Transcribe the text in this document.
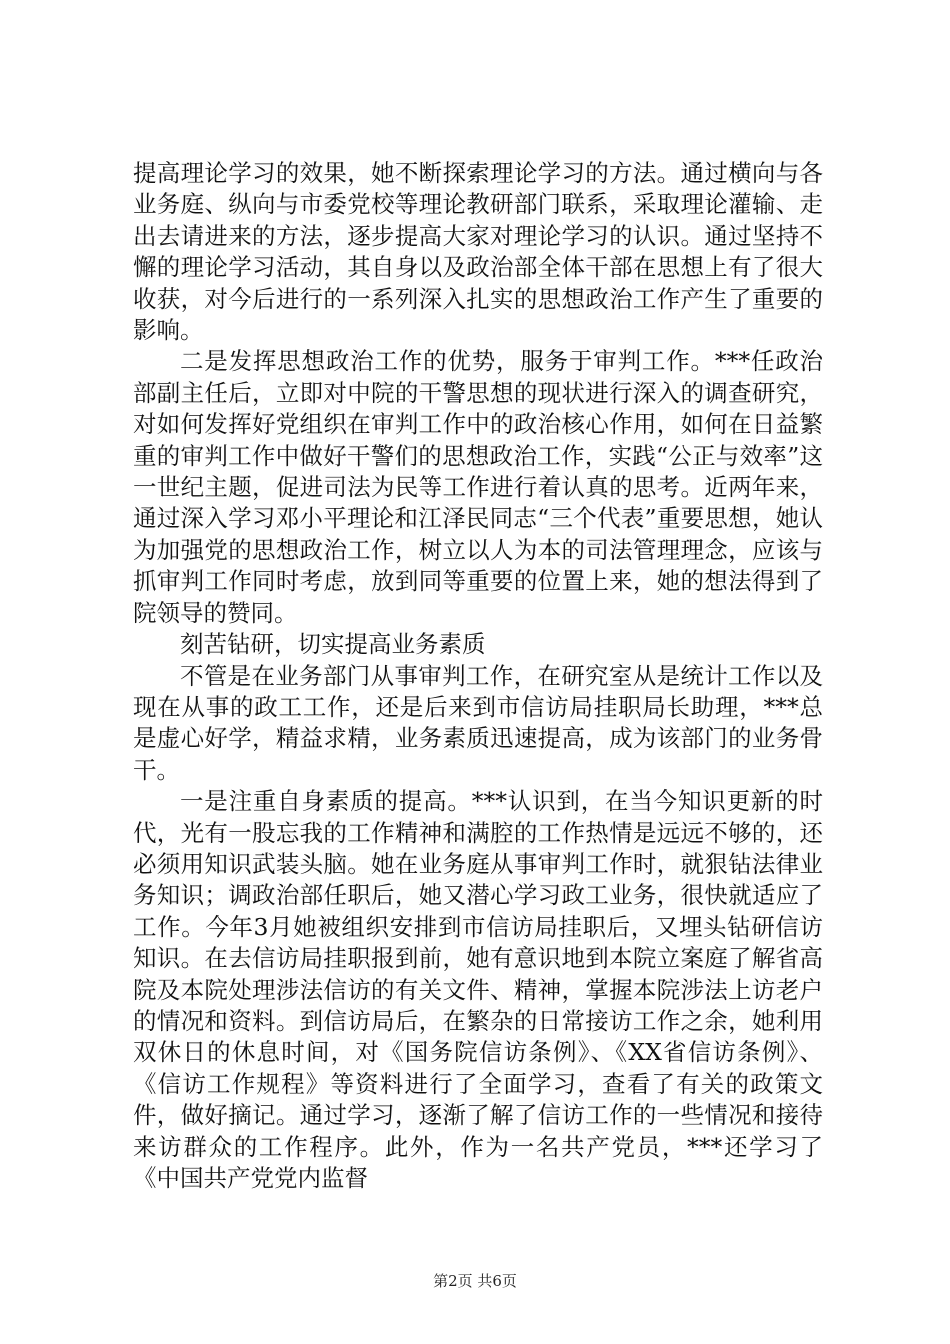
提高理论学习的效果，她不断探索理论学习的方法。通过横向与各业务庭、纵向与市委党校等理论教研部门联系，采取理论灌输、走出去请进来的方法，逐步提高大家对理论学习的认识。通过坚持不懈的理论学习活动，其自身以及政治部全体干部在思想上有了很大收获，对今后进行的一系列深入扎实的思想政治工作产生了重要的影响。

二是发挥思想政治工作的优势，服务于审判工作。***任政治部副主任后，立即对中院的干警思想的现状进行深入的调查研究，对如何发挥好党组织在审判工作中的政治核心作用，如何在日益繁重的审判工作中做好干警们的思想政治工作，实践“公正与效率”这一世纪主题，促进司法为民等工作进行着认真的思考。近两年来，通过深入学习邓小平理论和江泽民同志“三个代表”重要思想，她认为加强党的思想政治工作，树立以人为本的司法管理理念，应该与抓审判工作同时考虑，放到同等重要的位置上来，她的想法得到了院领导的赞同。

刻苦钻研，切实提高业务素质

不管是在业务部门从事审判工作，在研究室从是统计工作以及现在从事的政工工作，还是后来到市信访局挂职局长助理，***总是虚心好学，精益求精，业务素质迅速提高，成为该部门的业务骨干。

一是注重自身素质的提高。***认识到，在当今知识更新的时代，光有一股忘我的工作精神和满腔的工作热情是远远不够的，还必须用知识武装头脑。她在业务庭从事审判工作时，就狠钻法律业务知识；调政治部任职后，她又潜心学习政工业务，很快就适应了工作。今年3月她被组织安排到市信访局挂职后，又埋头钻研信访知识。在去信访局挂职报到前，她有意识地到本院立案庭了解省高院及本院处理涉法信访的有关文件、精神，掌握本院涉法上访老户的情况和资料。到信访局后，在繁杂的日常接访工作之余，她利用双休日的休息时间，对《国务院信访条例》、《XX省信访条例》、《信访工作规程》等资料进行了全面学习，查看了有关的政策文件，做好摘记。通过学习，逐渐了解了信访工作的一些情况和接待来访群众的工作程序。此外，作为一名共产党员，***还学习了《中国共产党党内监督

第2页 共6页
